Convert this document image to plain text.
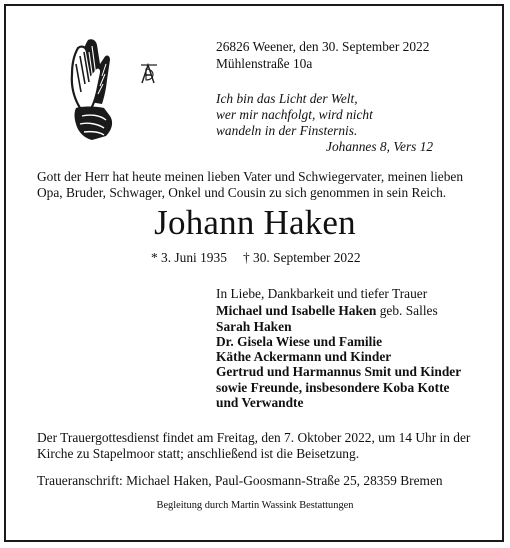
26826 Weener, den 30. September 2022
Mühlenstraße 10a
Ich bin das Licht der Welt,
wer mir nachfolgt, wird nicht
wandeln in der Finsternis.
Johannes 8, Vers 12
Gott der Herr hat heute meinen lieben Vater und Schwiegervater, meinen lieben
Opa, Bruder, Schwager, Onkel und Cousin zu sich genommen in sein Reich.
Johann Haken
* 3. Juni 1935 † 30. September 2022
In Liebe, Dankbarkeit und tiefer Trauer
Michael und Isabelle Haken geb. Salles
Sarah Haken
Dr. Gisela Wiese und Familie
Käthe Ackermann und Kinder
Gertrud und Harmannus Smit und Kinder
sowie Freunde, insbesondere Koba Kotte
und Verwandte
Der Trauergottesdienst findet am Freitag, den 7. Oktober 2022, um 14 Uhr in der
Kirche zu Stapelmoor statt; anschließend ist die Beisetzung.
Traueranschrift: Michael Haken, Paul-Goosmann-Straße 25, 28359 Bremen
Begleitung durch Martin Wassink Bestattungen
